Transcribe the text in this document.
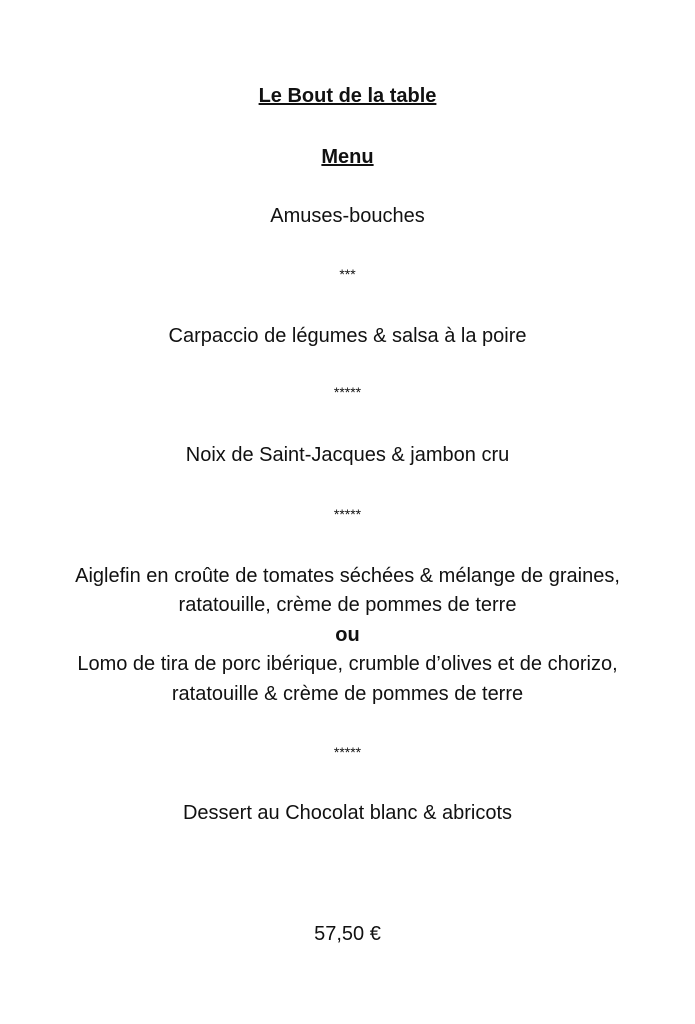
Le Bout de la table
Menu
Amuses-bouches
***
Carpaccio de légumes & salsa à la poire
*****
Noix de Saint-Jacques & jambon cru
*****
Aiglefin en croûte de tomates séchées & mélange de graines,
ratatouille, crème de pommes de terre
ou
Lomo de tira de porc ibérique, crumble d’olives et de chorizo,
ratatouille & crème de pommes de terre
*****
Dessert au Chocolat blanc & abricots
57,50 €
